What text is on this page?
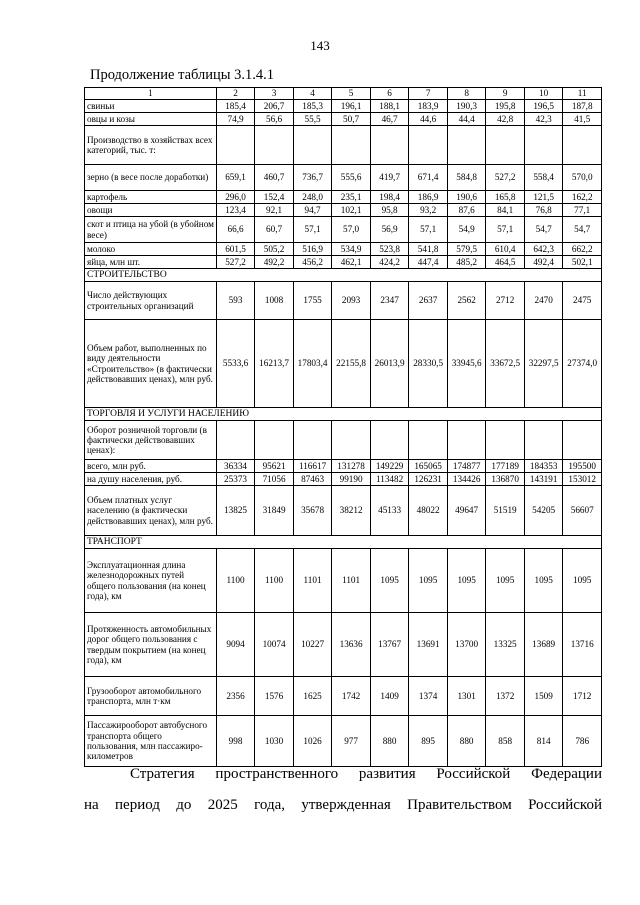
143
Продолжение таблицы 3.1.4.1
1	2	3	4	5	6	7	8	9	10	11
свиньи	185,4	206,7	185,3	196,1	188,1	183,9	190,3	195,8	196,5	187,8
овцы и козы	74,9	56,6	55,5	50,7	46,7	44,6	44,4	42,8	42,3	41,5
Производство в хозяйствах всех категорий, тыс. т:										
зерно (в весе после доработки)	659,1	460,7	736,7	555,6	419,7	671,4	584,8	527,2	558,4	570,0
картофель	296,0	152,4	248,0	235,1	198,4	186,9	190,6	165,8	121,5	162,2
овощи	123,4	92,1	94,7	102,1	95,8	93,2	87,6	84,1	76,8	77,1
скот и птица на убой (в убойном весе)	66,6	60,7	57,1	57,0	56,9	57,1	54,9	57,1	54,7	54,7
молоко	601,5	505,2	516,9	534,9	523,8	541,8	579,5	610,4	642,3	662,2
яйца, млн шт.	527,2	492,2	456,2	462,1	424,2	447,4	485,2	464,5	492,4	502,1
СТРОИТЕЛЬСТВО										
Число действующих строительных организаций	593	1008	1755	2093	2347	2637	2562	2712	2470	2475
Объем работ, выполненных по виду деятельности «Строительство» (в фактически действовавших ценах), млн руб.	5533,6	16213,7	17803,4	22155,8	26013,9	28330,5	33945,6	33672,5	32297,5	27374,0
ТОРГОВЛЯ И УСЛУГИ НАСЕЛЕНИЮ										
Оборот розничной торговли (в фактически действовавших ценах):										
всего, млн руб.	36334	95621	116617	131278	149229	165065	174877	177189	184353	195500
на душу населения, руб.	25373	71056	87463	99190	113482	126231	134426	136870	143191	153012
Объем платных услуг населению (в фактически действовавших ценах), млн руб.	13825	31849	35678	38212	45133	48022	49647	51519	54205	56607
ТРАНСПОРТ										
Эксплуатационная длина железнодорожных путей общего пользования (на конец года), км	1100	1100	1101	1101	1095	1095	1095	1095	1095	1095
Протяженность автомобильных дорог общего пользования с твердым покрытием (на конец года), км	9094	10074	10227	13636	13767	13691	13700	13325	13689	13716
Грузооборот автомобильного транспорта, млн т·км	2356	1576	1625	1742	1409	1374	1301	1372	1509	1712
Пассажирооборот автобусного транспорта общего пользования, млн пассажиро-километров	998	1030	1026	977	880	895	880	858	814	786
Стратегия пространственного развития Российской Федерации
на период до 2025 года, утвержденная Правительством Российской
